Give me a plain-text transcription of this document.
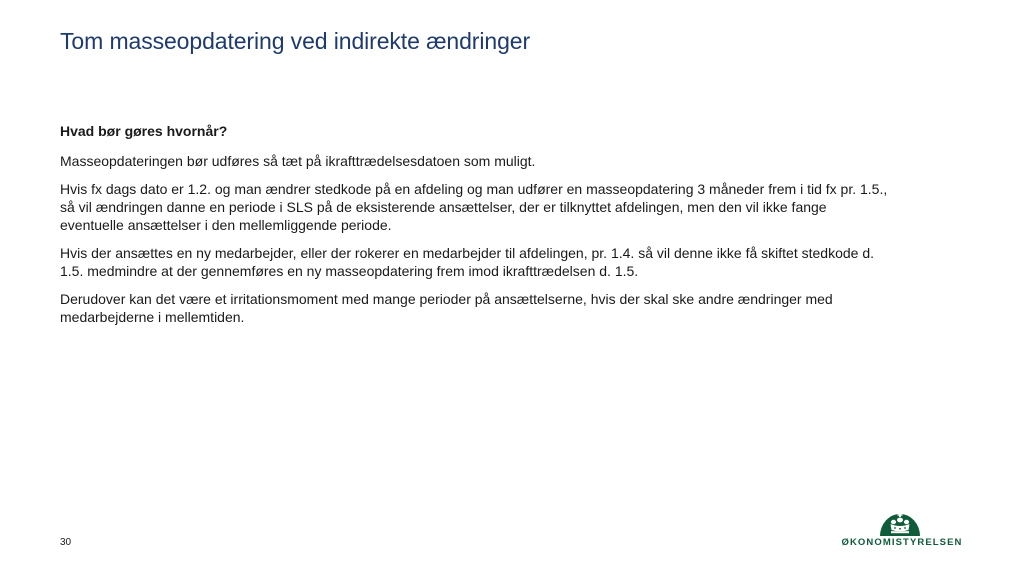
Tom masseopdatering ved indirekte ændringer

Hvad bør gøres hvornår?

Masseopdateringen bør udføres så tæt på ikrafttrædelsesdatoen som muligt.

Hvis fx dags dato er 1.2. og man ændrer stedkode på en afdeling og man udfører en masseopdatering 3 måneder frem i tid fx pr. 1.5., så vil ændringen danne en periode i SLS på de eksisterende ansættelser, der er tilknyttet afdelingen, men den vil ikke fange eventuelle ansættelser i den mellemliggende periode.

Hvis der ansættes en ny medarbejder, eller der rokerer en medarbejder til afdelingen, pr. 1.4. så vil denne ikke få skiftet stedkode d. 1.5. medmindre at der gennemføres en ny masseopdatering frem imod ikrafttrædelsen d. 1.5.

Derudover kan det være et irritationsmoment med mange perioder på ansættelserne, hvis der skal ske andre ændringer med medarbejderne i mellemtiden.

30	ØKONOMISTYRELSEN
